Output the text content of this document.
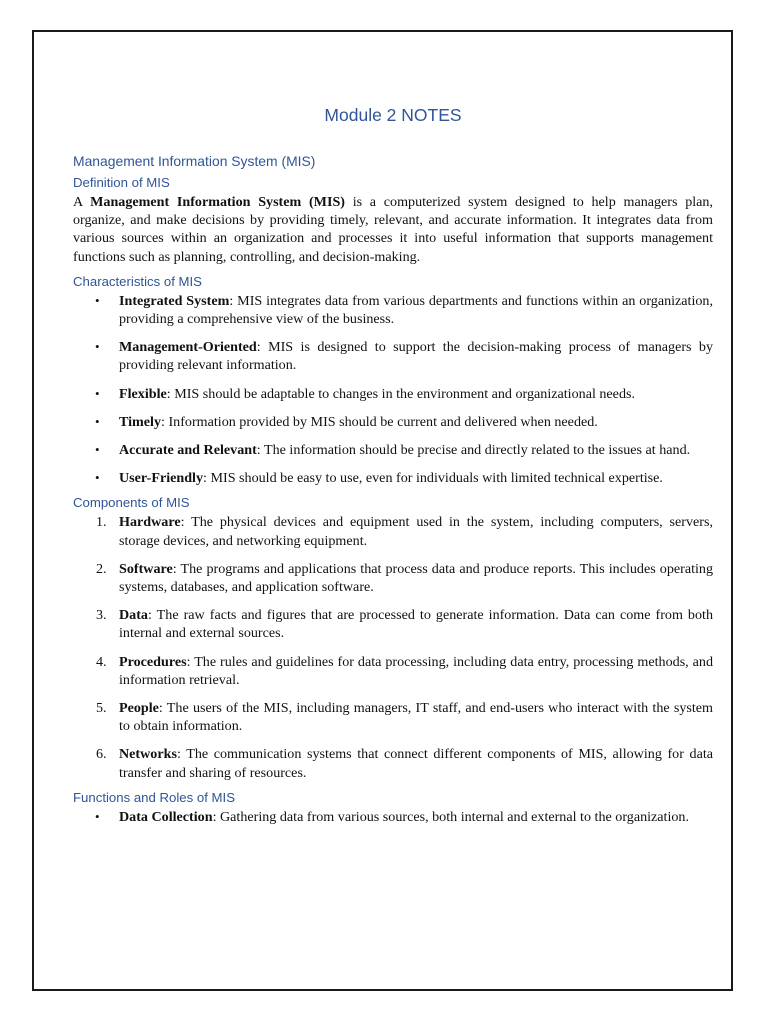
Module 2 NOTES
Management Information System (MIS)
Definition of MIS

A Management Information System (MIS) is a computerized system designed to help managers plan, organize, and make decisions by providing timely, relevant, and accurate information. It integrates data from various sources within an organization and processes it into useful information that supports management functions such as planning, controlling, and decision-making.

Characteristics of MIS
•	Integrated System: MIS integrates data from various departments and functions within an organization, providing a comprehensive view of the business.
•	Management-Oriented: MIS is designed to support the decision-making process of managers by providing relevant information.
•	Flexible: MIS should be adaptable to changes in the environment and organizational needs.
•	Timely: Information provided by MIS should be current and delivered when needed.
•	Accurate and Relevant: The information should be precise and directly related to the issues at hand.
•	User-Friendly: MIS should be easy to use, even for individuals with limited technical expertise.
Components of MIS
1. Hardware: The physical devices and equipment used in the system, including computers, servers, storage devices, and networking equipment.
2. Software: The programs and applications that process data and produce reports. This includes operating systems, databases, and application software.
3. Data: The raw facts and figures that are processed to generate information. Data can come from both internal and external sources.
4. Procedures: The rules and guidelines for data processing, including data entry, processing methods, and information retrieval.
5. People: The users of the MIS, including managers, IT staff, and end-users who interact with the system to obtain information.
6. Networks: The communication systems that connect different components of MIS, allowing for data transfer and sharing of resources.
Functions and Roles of MIS
•	Data Collection: Gathering data from various sources, both internal and external to the organization.
